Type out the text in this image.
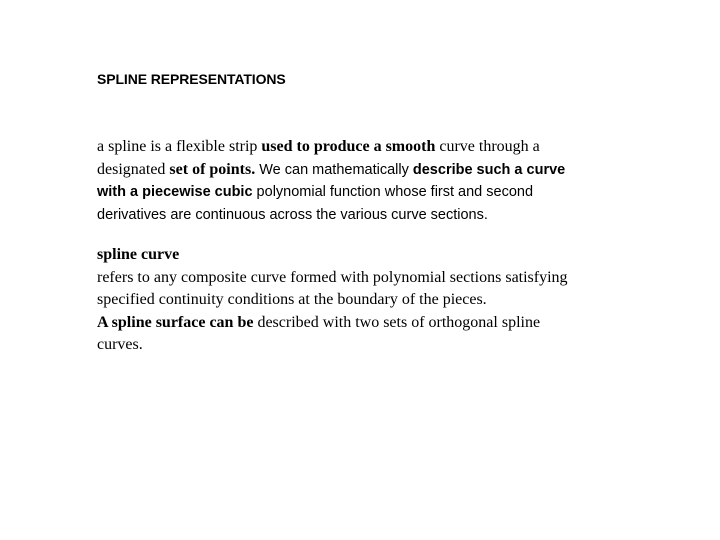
SPLINE REPRESENTATIONS
a spline is a flexible strip used to produce a smooth curve through a
designated set of points. We can mathematically describe such a curve
with a piecewise cubic polynomial function whose first and second
derivatives are continuous across the various curve sections.
spline curve
refers to any composite curve formed with polynomial sections satisfying
specified continuity conditions at the boundary of the pieces.
A spline surface can be described with two sets of orthogonal spline
curves.
